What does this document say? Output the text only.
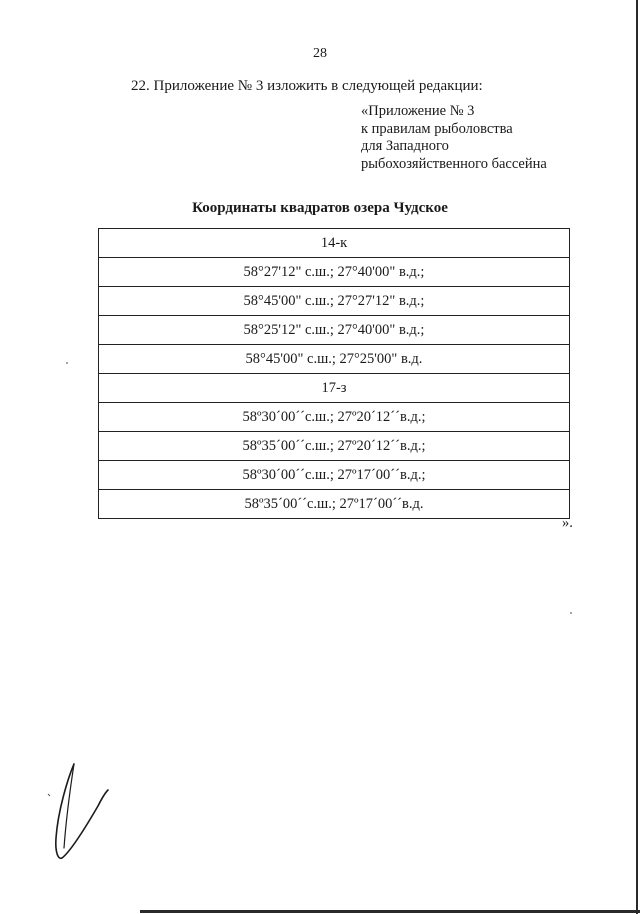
28
22. Приложение № 3 изложить в следующей редакции:
«Приложение № 3
к правилам рыболовства
для Западного
рыбохозяйственного бассейна
Координаты квадратов озера Чудское
14-к
58°27'12" с.ш.; 27°40'00" в.д.;
58°45'00" с.ш.; 27°27'12" в.д.;
58°25'12" с.ш.; 27°40'00" в.д.;
58°45'00" с.ш.; 27°25'00" в.д.
17-з
58º30´00´´с.ш.; 27º20´12´´в.д.;
58º35´00´´с.ш.; 27º20´12´´в.д.;
58º30´00´´с.ш.; 27º17´00´´в.д.;
58º35´00´´с.ш.; 27º17´00´´в.д.
».
